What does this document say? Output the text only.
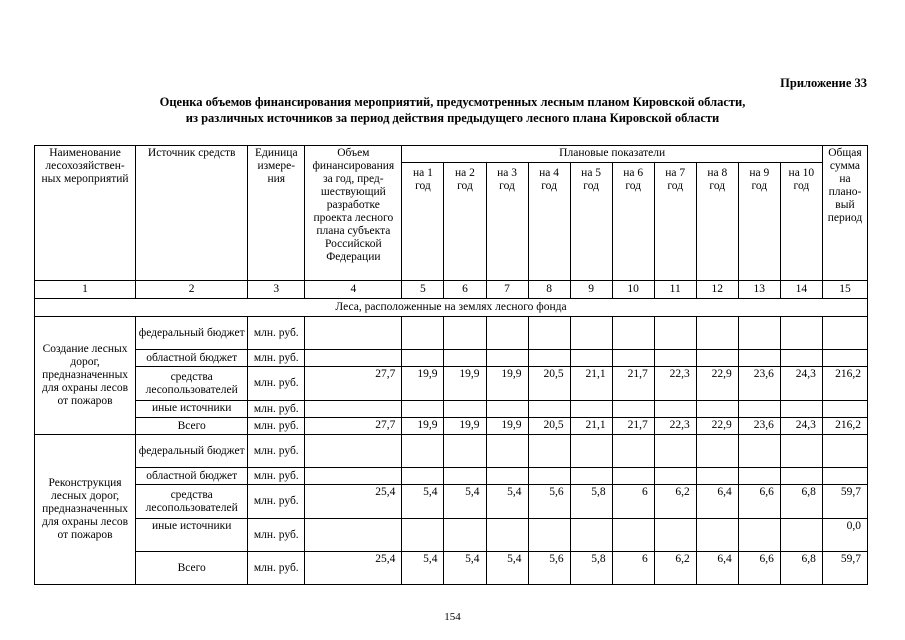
Приложение 33
Оценка объемов финансирования мероприятий, предусмотренных лесным планом Кировской области,
из различных источников за период действия предыдущего лесного плана Кировской области
Наименование лесохозяйствен-ных мероприятий	Источник средств	Единица измере-ния	Объем финансирования за год, пред-шествующий разработке проекта лесного плана субъекта Российской Федерации	Плановые показатели										Общая сумма на плано-вый период
				на 1 год	на 2 год	на 3 год	на 4 год	на 5 год	на 6 год	на 7 год	на 8 год	на 9 год	на 10 год	
1	2	3	4	5	6	7	8	9	10	11	12	13	14	15
Леса, расположенные на землях лесного фонда														
Создание лесных дорог, предназначенных для охраны лесов от пожаров	федеральный бюджет	млн. руб.												
	областной бюджет	млн. руб.												
	средства лесопользователей	млн. руб.	27,7	19,9	19,9	19,9	20,5	21,1	21,7	22,3	22,9	23,6	24,3	216,2
	иные источники	млн. руб.												
	Всего	млн. руб.	27,7	19,9	19,9	19,9	20,5	21,1	21,7	22,3	22,9	23,6	24,3	216,2
Реконструкция лесных дорог, предназначенных для охраны лесов от пожаров	федеральный бюджет	млн. руб.												
	областной бюджет	млн. руб.												
	средства лесопользователей	млн. руб.	25,4	5,4	5,4	5,4	5,6	5,8	6	6,2	6,4	6,6	6,8	59,7
	иные источники	млн. руб.												0,0
	Всего	млн. руб.	25,4	5,4	5,4	5,4	5,6	5,8	6	6,2	6,4	6,6	6,8	59,7
154
